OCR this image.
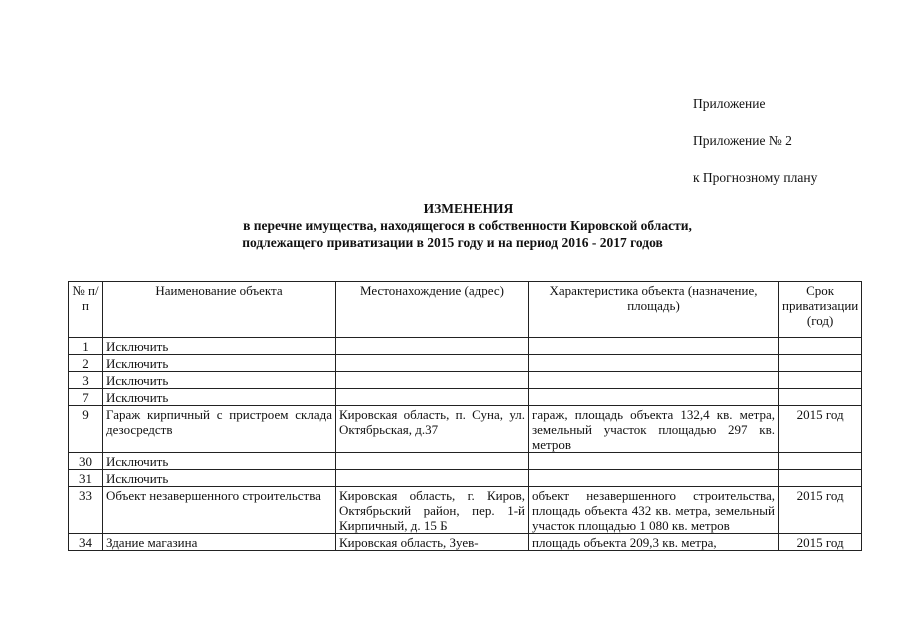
Приложение
Приложение № 2
к Прогнозному плану
ИЗМЕНЕНИЯ
в перечне имущества, находящегося в собственности Кировской области,
подлежащего приватизации в 2015 году и на период 2016 - 2017 годов
№ п/п	Наименование объекта	Местонахождение (адрес)	Характеристика объекта (назначение, площадь)	Срок приватизации (год)
1	Исключить			
2	Исключить			
3	Исключить			
7	Исключить			
9	Гараж кирпичный с пристроем склада дезосредств	Кировская область, п. Суна, ул. Октябрьская, д.37	гараж, площадь объекта 132,4 кв. метра, земельный участок площадью 297 кв. метров	2015 год
30	Исключить			
31	Исключить			
33	Объект незавершенного строительства	Кировская область, г. Киров, Октябрьский район, пер. 1-й Кирпичный, д. 15 Б	объект незавершенного строительства, площадь объекта 432 кв. метра, земельный участок площадью 1 080 кв. метров	2015 год
34	Здание магазина	Кировская область, Зуев-	площадь объекта 209,3 кв. метра,	2015 год
